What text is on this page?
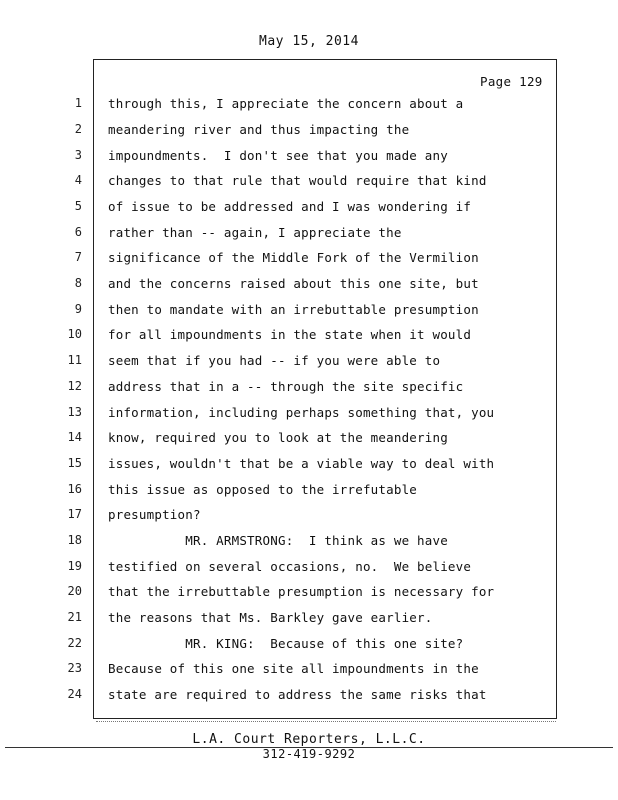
May 15, 2014
Page 129
1 through this, I appreciate the concern about a
2 meandering river and thus impacting the
3 impoundments.  I don't see that you made any
4 changes to that rule that would require that kind
5 of issue to be addressed and I was wondering if
6 rather than -- again, I appreciate the
7 significance of the Middle Fork of the Vermilion
8 and the concerns raised about this one site, but
9 then to mandate with an irrebuttable presumption
10 for all impoundments in the state when it would
11 seem that if you had -- if you were able to
12 address that in a -- through the site specific
13 information, including perhaps something that, you
14 know, required you to look at the meandering
15 issues, wouldn't that be a viable way to deal with
16 this issue as opposed to the irrefutable
17 presumption?
18 MR. ARMSTRONG:  I think as we have
19 testified on several occasions, no.  We believe
20 that the irrebuttable presumption is necessary for
21 the reasons that Ms. Barkley gave earlier.
22 MR. KING:  Because of this one site?
23 Because of this one site all impoundments in the
24 state are required to address the same risks that
L.A. Court Reporters, L.L.C.
312-419-9292
